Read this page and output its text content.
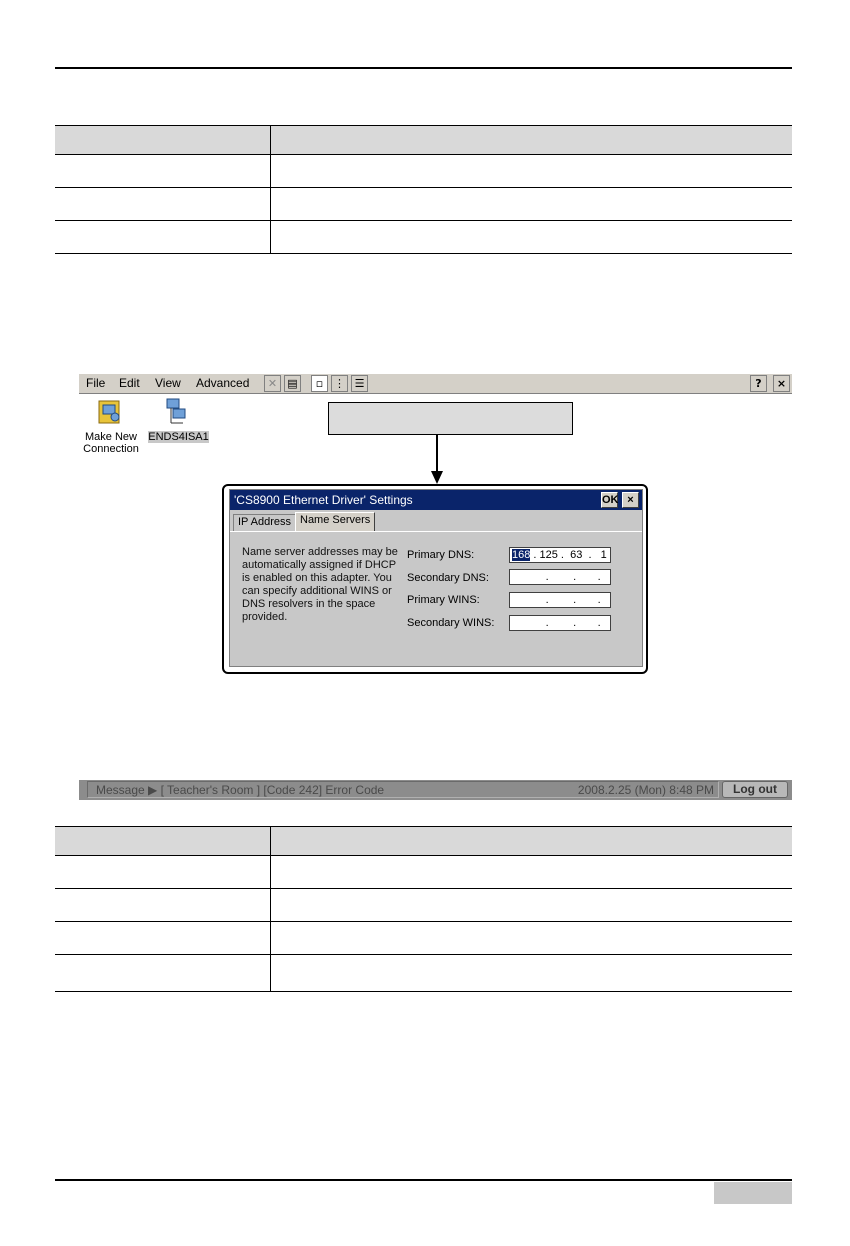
File Edit View Advanced	✕ ▤	▫ ⋮ ☰	?	×
Make New
Connection
ENDS4ISA1
'CS8900 Ethernet Driver' Settings	OK ×
IP Address Name Servers
Name server addresses may be automatically assigned if DHCP is enabled on this adapter. You can specify additional WINS or DNS resolvers in the space provided.
Primary DNS:	168 . 125 .  63  .   1
Secondary DNS: .        .       .
Primary WINS:	.        .       .
Secondary WINS: .        .       .
Message ▶ [ Teacher's Room ] [Code 242] Error Code	2008.2.25 (Mon) 8:48 PM	Log out
